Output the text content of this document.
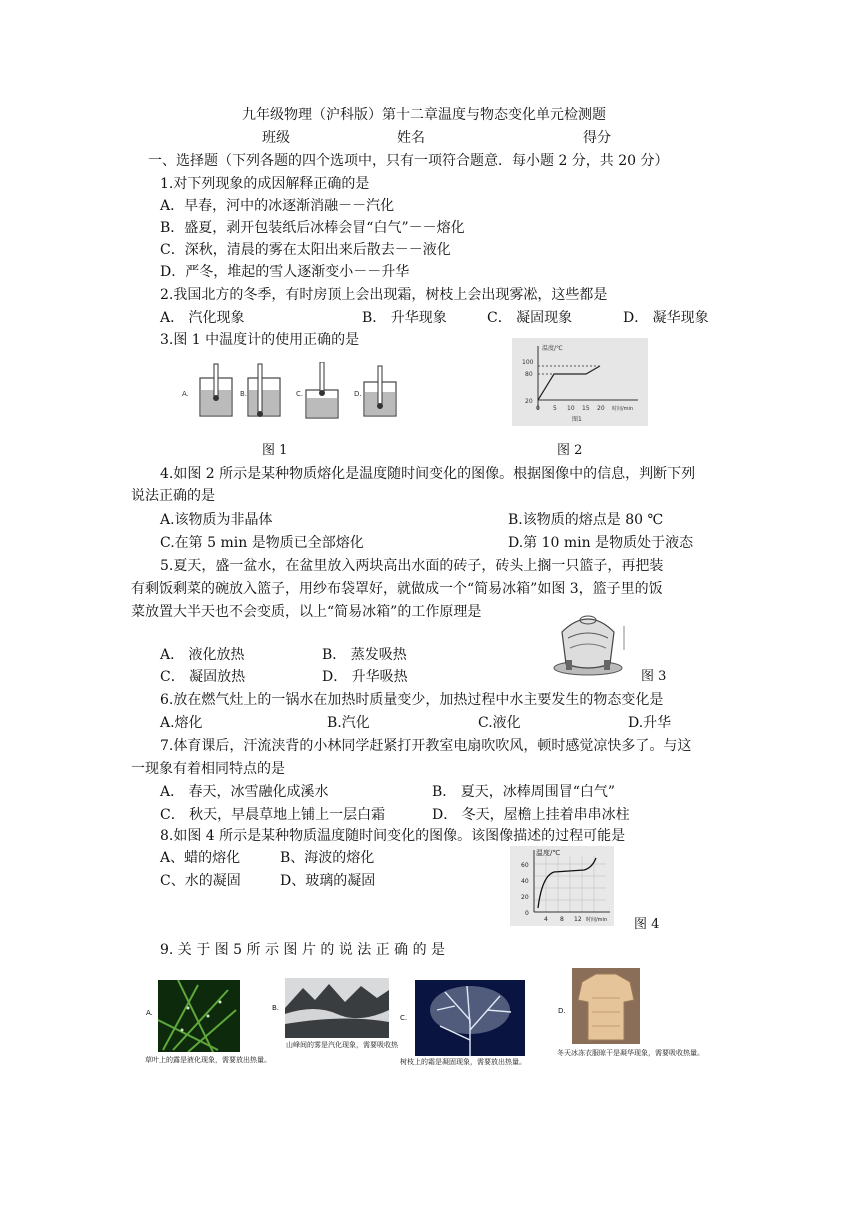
九年级物理（沪科版）第十二章温度与物态变化单元检测题
班级	姓名	得分
一、选择题（下列各题的四个选项中，只有一项符合题意．每小题 2 分，共 20 分）
1.对下列现象的成因解释正确的是
A．早春，河中的冰逐渐消融－－汽化
B．盛夏，剥开包装纸后冰棒会冒“白气”－－熔化
C．深秋，清晨的雾在太阳出来后散去－－液化
D．严冬，堆起的雪人逐渐变小－－升华
2.我国北方的冬季，有时房顶上会出现霜，树枝上会出现雾凇，这些都是
A． 汽化现象	B． 升华现象	C． 凝固现象	D． 凝华现象
3.图 1 中温度计的使用正确的是
A.	B.	C.	D.
温度/℃
时间/min
100
80
20
0 5 10 15 20
图1
图 1	图 2
4.如图 2 所示是某种物质熔化是温度随时间变化的图像。根据图像中的信息，判断下列
说法正确的是
A.该物质为非晶体	B.该物质的熔点是 80 ℃
C.在第 5 min 是物质已全部熔化	D.第 10 min 是物质处于液态
5.夏天，盛一盆水，在盆里放入两块高出水面的砖子，砖头上搁一只篮子，再把装
有剩饭剩菜的碗放入篮子，用纱布袋罩好，就做成一个“简易冰箱”如图 3，篮子里的饭
菜放置大半天也不会变质，以上“简易冰箱”的工作原理是
A． 液化放热	B． 蒸发吸热
C． 凝固放热	D． 升华吸热	图 3
6.放在燃气灶上的一锅水在加热时质量变少，加热过程中水主要发生的物态变化是
A.熔化	B.汽化	C.液化	D.升华
7.体育课后，汗流浃背的小林同学赶紧打开教室电扇吹吹风，顿时感觉凉快多了。与这
一现象有着相同特点的是
A． 春天，冰雪融化成溪水	B． 夏天，冰棒周围冒“白气”
C． 秋天，早晨草地上铺上一层白霜	D． 冬天，屋檐上挂着串串冰柱
8.如图 4 所示是某种物质温度随时间变化的图像。该图像描述的过程可能是
A、蜡的熔化	B、海波的熔化
C、水的凝固	D、玻璃的凝固
温度/℃
60
40
20
0
4 8 12 时间/min 图 4
9. 关 于 图 5 所 示 图 片 的 说 法 正 确 的 是
A.
B.
C.
D.
草叶上的露是液化现象，需要放出热量。
山峰间的雾是汽化现象，需要吸收热
树枝上的霜是凝固现象，需要放出热量。
冬天冰冻衣服晾干是凝华现象，需要吸收热量。
